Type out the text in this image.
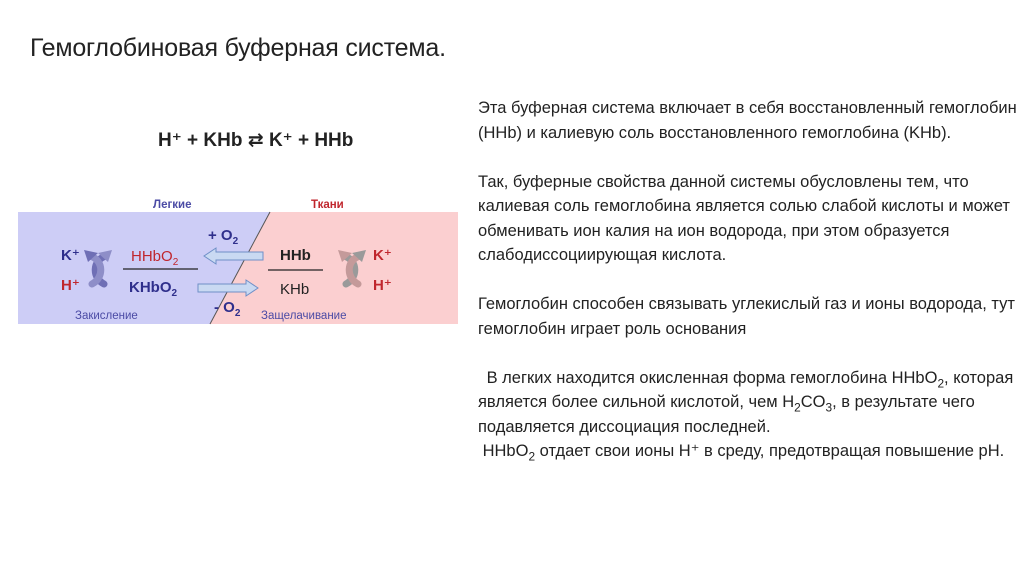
Гемоглобиновая буферная система.
H⁺ + KHb ⇄ K⁺ + HHb
Легкие	Ткани
K⁺
H⁺
HHbO$_2$
KHbO$_2$
+ $O_2$
- $O_2$
HHb
KHb
K⁺
H⁺
Закисление	Защелачивание

Эта буферная система включает в себя восстановленный гемоглобин (HHb) и калиевую соль восстановленного гемоглобина (KHb).

Так, буферные свойства данной системы обусловлены тем, что калиевая соль гемоглобина является солью слабой кислоты и может обменивать ион калия на ион водорода, при этом образуется слабодиссоциирующая кислота.

Гемоглобин способен связывать углекислый газ и ионы водорода, тут гемоглобин играет роль основания

В легких находится окисленная форма гемоглобина HHbO$_2$, которая является более сильной кислотой, чем $H_2CO_3$, в результате чего подавляется диссоциация последней.
HHbO$_2$ отдает свои ионы H⁺ в среду, предотвращая повышение pH.
